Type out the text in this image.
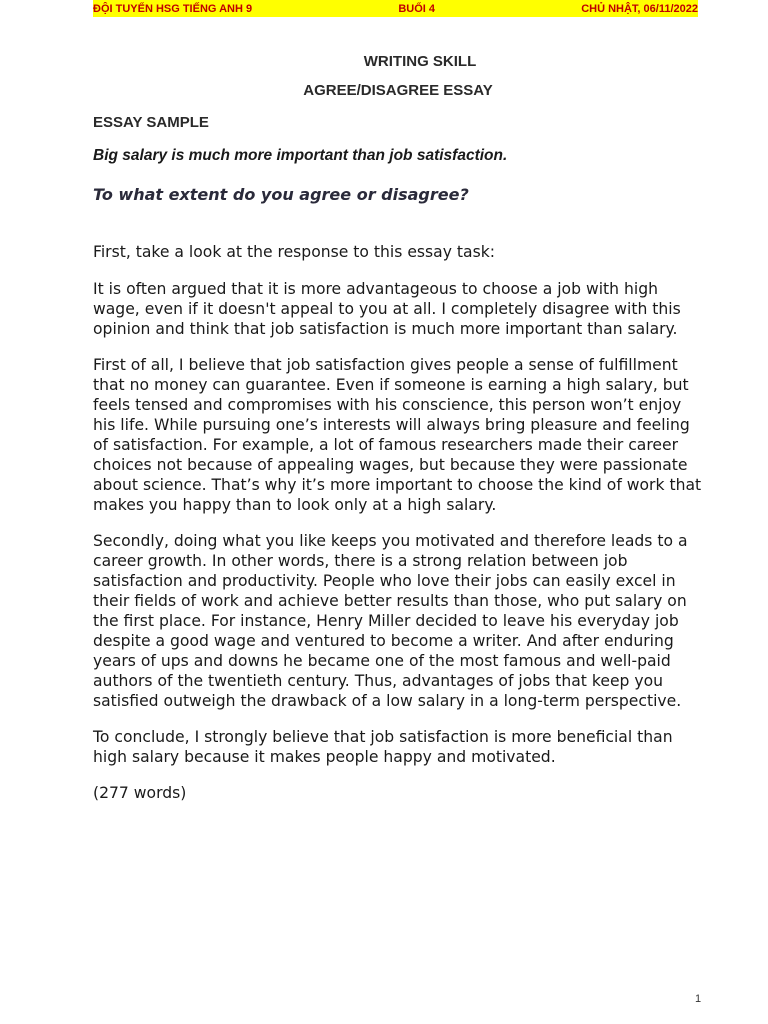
ĐỘI TUYỂN HSG TIẾNG ANH 9	BUỔI 4	CHỦ NHẬT, 06/11/2022

WRITING SKILL

AGREE/DISAGREE ESSAY

ESSAY SAMPLE
Big salary is much more important than job satisfaction.
To what extent do you agree or disagree?

First, take a look at the response to this essay task:

It is often argued that it is more advantageous to choose a job with high wage, even if it doesn't appeal to you at all. I completely disagree with this opinion and think that job satisfaction is much more important than salary.

First of all, I believe that job satisfaction gives people a sense of fulfillment that no money can guarantee. Even if someone is earning a high salary, but feels tensed and compromises with his conscience, this person won’t enjoy his life. While pursuing one’s interests will always bring pleasure and feeling of satisfaction. For example, a lot of famous researchers made their career choices not because of appealing wages, but because they were passionate about science. That’s why it’s more important to choose the kind of work that makes you happy than to look only at a high salary.

Secondly, doing what you like keeps you motivated and therefore leads to a career growth. In other words, there is a strong relation between job satisfaction and productivity. People who love their jobs can easily excel in their fields of work and achieve better results than those, who put salary on the first place. For instance, Henry Miller decided to leave his everyday job despite a good wage and ventured to become a writer. And after enduring years of ups and downs he became one of the most famous and well-paid authors of the twentieth century. Thus, advantages of jobs that keep you satisfied outweigh the drawback of a low salary in a long-term perspective.

To conclude, I strongly believe that job satisfaction is more beneficial than high salary because it makes people happy and motivated.

(277 words)

1
